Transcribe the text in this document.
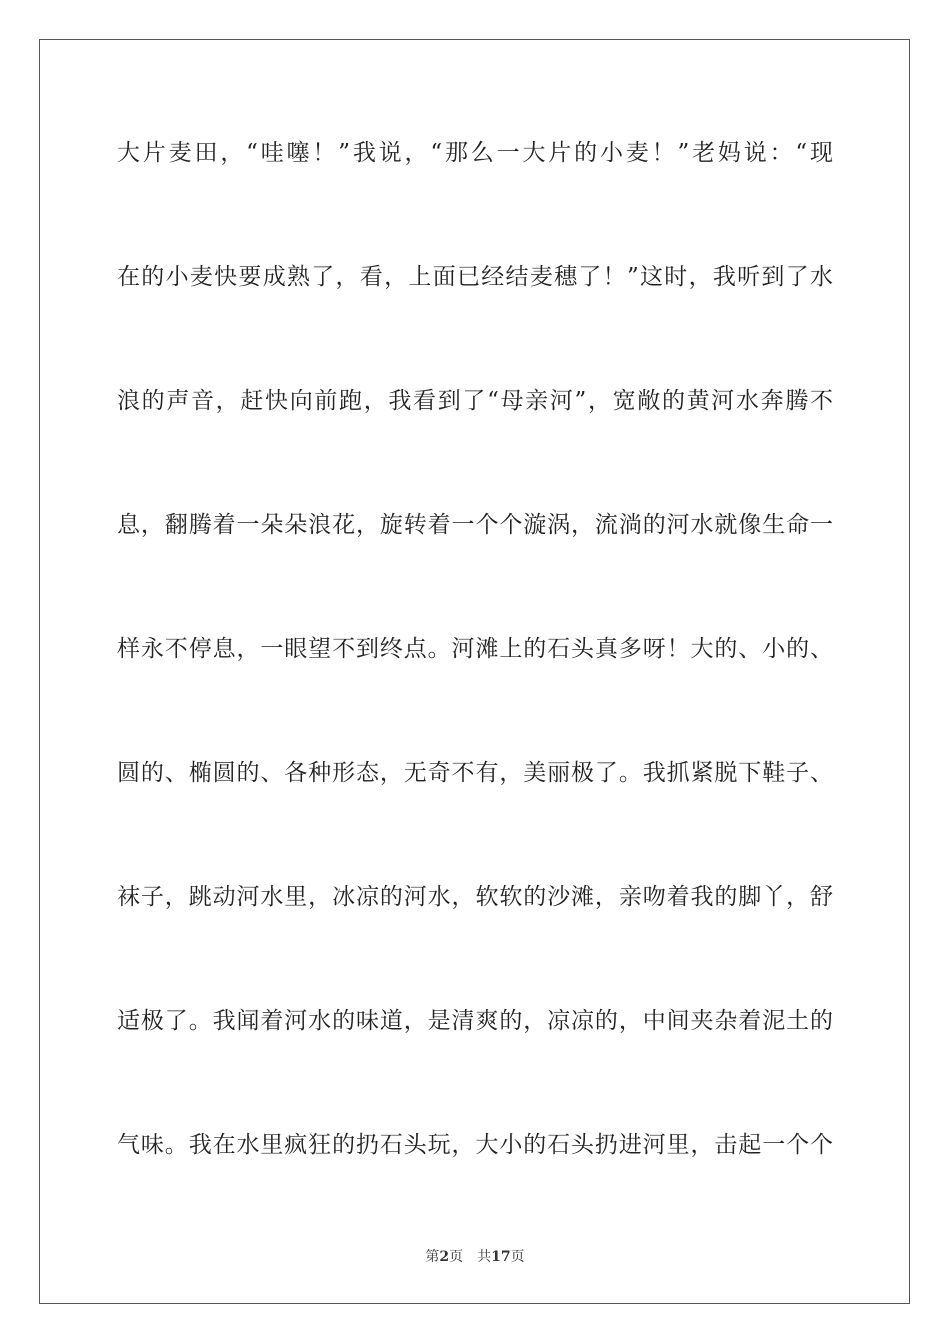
大片麦田，“哇噻！”我说，“那么一大片的小麦！”老妈说：“现
在的小麦快要成熟了，看，上面已经结麦穗了！”这时，我听到了水
浪的声音，赶快向前跑，我看到了“母亲河”，宽敞的黄河水奔腾不
息，翻腾着一朵朵浪花，旋转着一个个漩涡，流淌的河水就像生命一
样永不停息，一眼望不到终点。河滩上的石头真多呀！大的、小的、
圆的、椭圆的、各种形态，无奇不有，美丽极了。我抓紧脱下鞋子、
袜子，跳动河水里，冰凉的河水，软软的沙滩，亲吻着我的脚丫，舒
适极了。我闻着河水的味道，是清爽的，凉凉的，中间夹杂着泥土的
气味。我在水里疯狂的扔石头玩，大小的石头扔进河里，击起一个个
第2页 共17页
